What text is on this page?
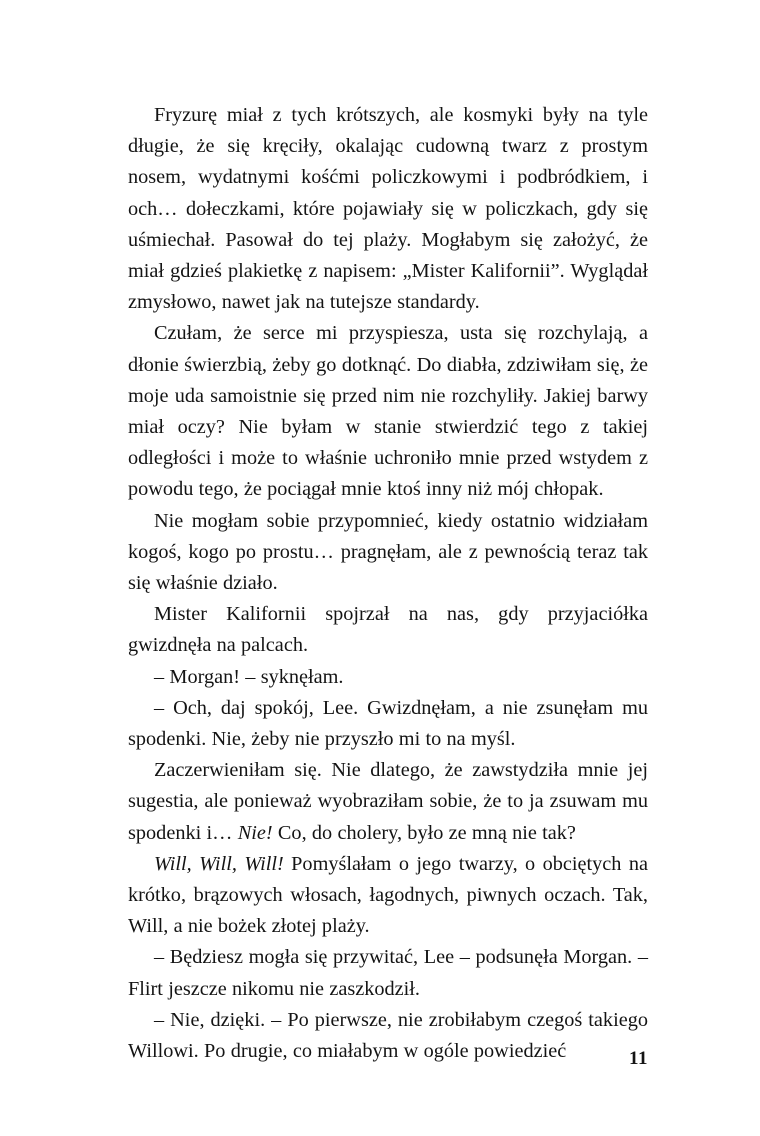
Fryzurę miał z tych krótszych, ale kosmyki były na tyle długie, że się kręciły, okalając cudowną twarz z prostym nosem, wydatnymi kośćmi policzkowymi i podbródkiem, i och… dołeczkami, które pojawiały się w policzkach, gdy się uśmiechał. Pasował do tej plaży. Mogłabym się założyć, że miał gdzieś plakietkę z napisem: „Mister Kalifornii”. Wyglądał zmysłowo, nawet jak na tutejsze standardy.

Czułam, że serce mi przyspiesza, usta się rozchylają, a dłonie świerzbią, żeby go dotknąć. Do diabła, zdziwiłam się, że moje uda samoistnie się przed nim nie rozchyliły. Jakiej barwy miał oczy? Nie byłam w stanie stwierdzić tego z takiej odległości i może to właśnie uchroniło mnie przed wstydem z powodu tego, że pociągał mnie ktoś inny niż mój chłopak.

Nie mogłam sobie przypomnieć, kiedy ostatnio widziałam kogoś, kogo po prostu… pragnęłam, ale z pewnością teraz tak się właśnie działo.

Mister Kalifornii spojrzał na nas, gdy przyjaciółka gwizdnęła na palcach.

– Morgan! – syknęłam.

– Och, daj spokój, Lee. Gwizdnęłam, a nie zsunęłam mu spodenki. Nie, żeby nie przyszło mi to na myśl.

Zaczerwieniłam się. Nie dlatego, że zawstydziła mnie jej sugestia, ale ponieważ wyobraziłam sobie, że to ja zsuwam mu spodenki i… Nie! Co, do cholery, było ze mną nie tak?

Will, Will, Will! Pomyślałam o jego twarzy, o obciętych na krótko, brązowych włosach, łagodnych, piwnych oczach. Tak, Will, a nie bożek złotej plaży.

– Będziesz mogła się przywitać, Lee – podsunęła Morgan. – Flirt jeszcze nikomu nie zaszkodził.

– Nie, dzięki. – Po pierwsze, nie zrobiłabym czegoś takiego Willowi. Po drugie, co miałabym w ogóle powiedzieć	11
